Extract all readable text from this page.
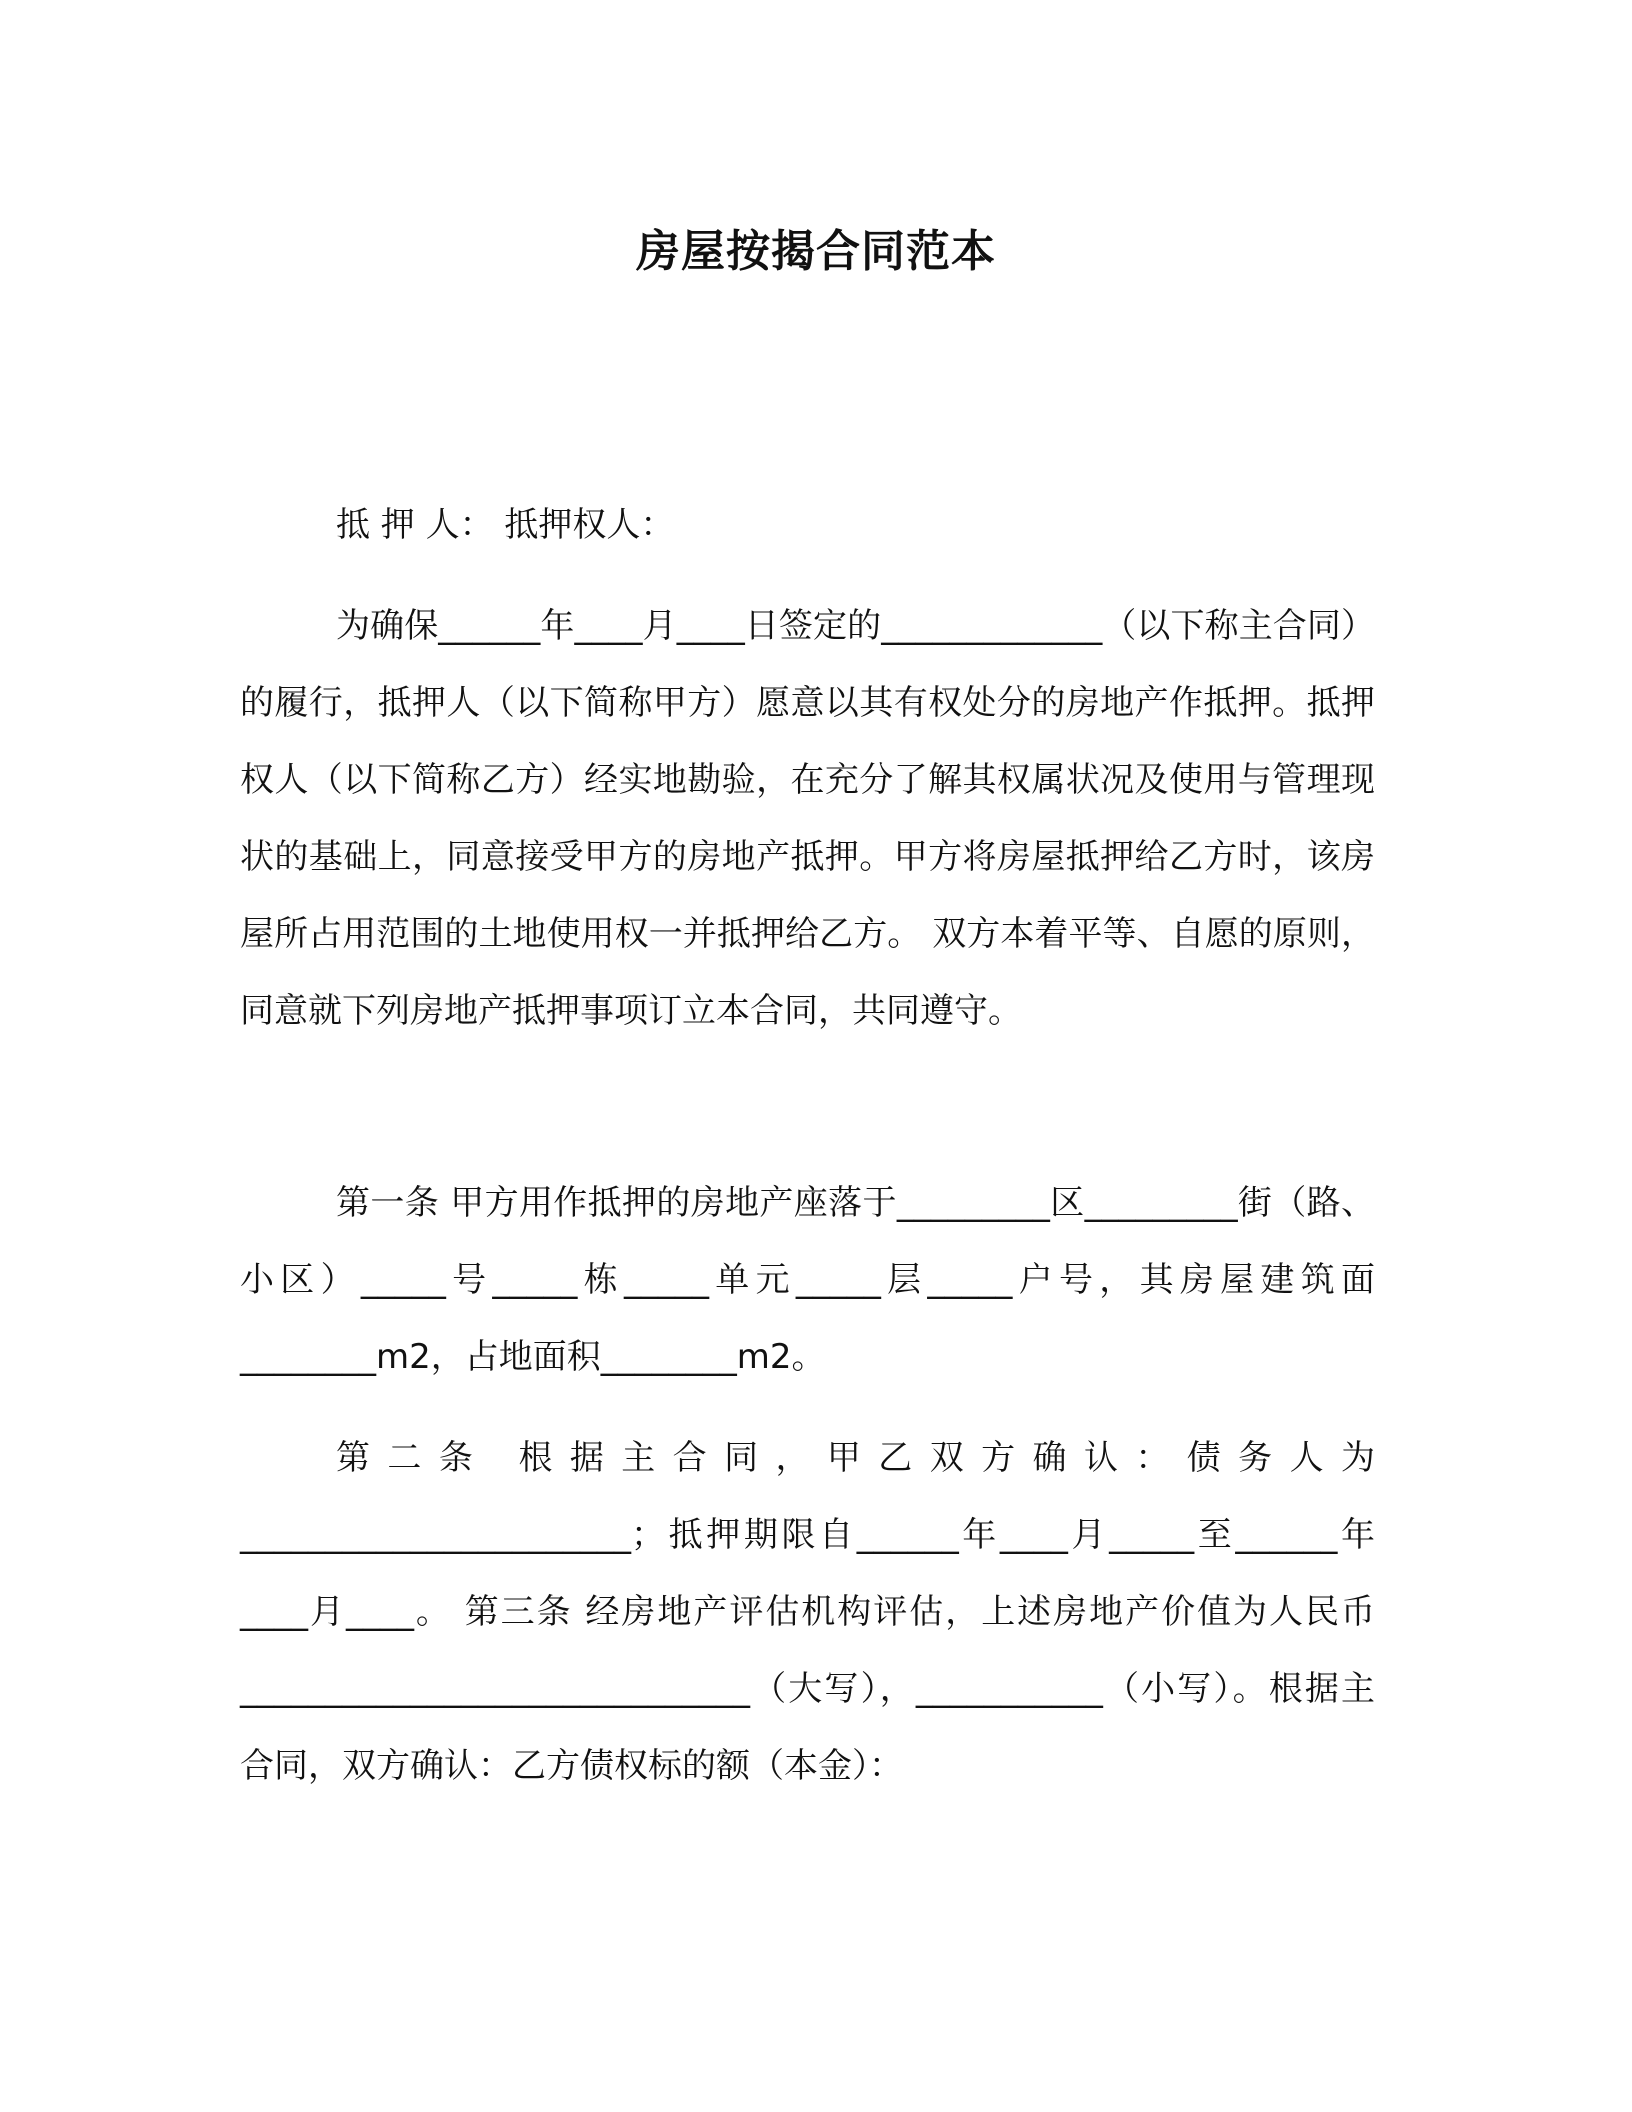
房屋按揭合同范本
抵 押 人： 抵押权人：
为确保______年____月____日签定的_____________（以下称主合同）的履行，抵押人（以下简称甲方）愿意以其有权处分的房地产作抵押。抵押权人（以下简称乙方）经实地勘验，在充分了解其权属状况及使用与管理现状的基础上，同意接受甲方的房地产抵押。甲方将房屋抵押给乙方时，该房屋所占用范围的土地使用权一并抵押给乙方。 双方本着平等、自愿的原则，同意就下列房地产抵押事项订立本合同，共同遵守。
第一条 甲方用作抵押的房地产座落于_________区_________街（路、小区）_____号_____栋_____单元_____层_____户号，其房屋建筑面________m2，占地面积________m2。
第二条 根据主合同，甲乙双方确认：债务人为_______________________；抵押期限自______年____月_____至______年____月____。 第三条 经房地产评估机构评估，上述房地产价值为人民币______________________________（大写），___________（小写）。根据主合同，双方确认：乙方债权标的额（本金）：
